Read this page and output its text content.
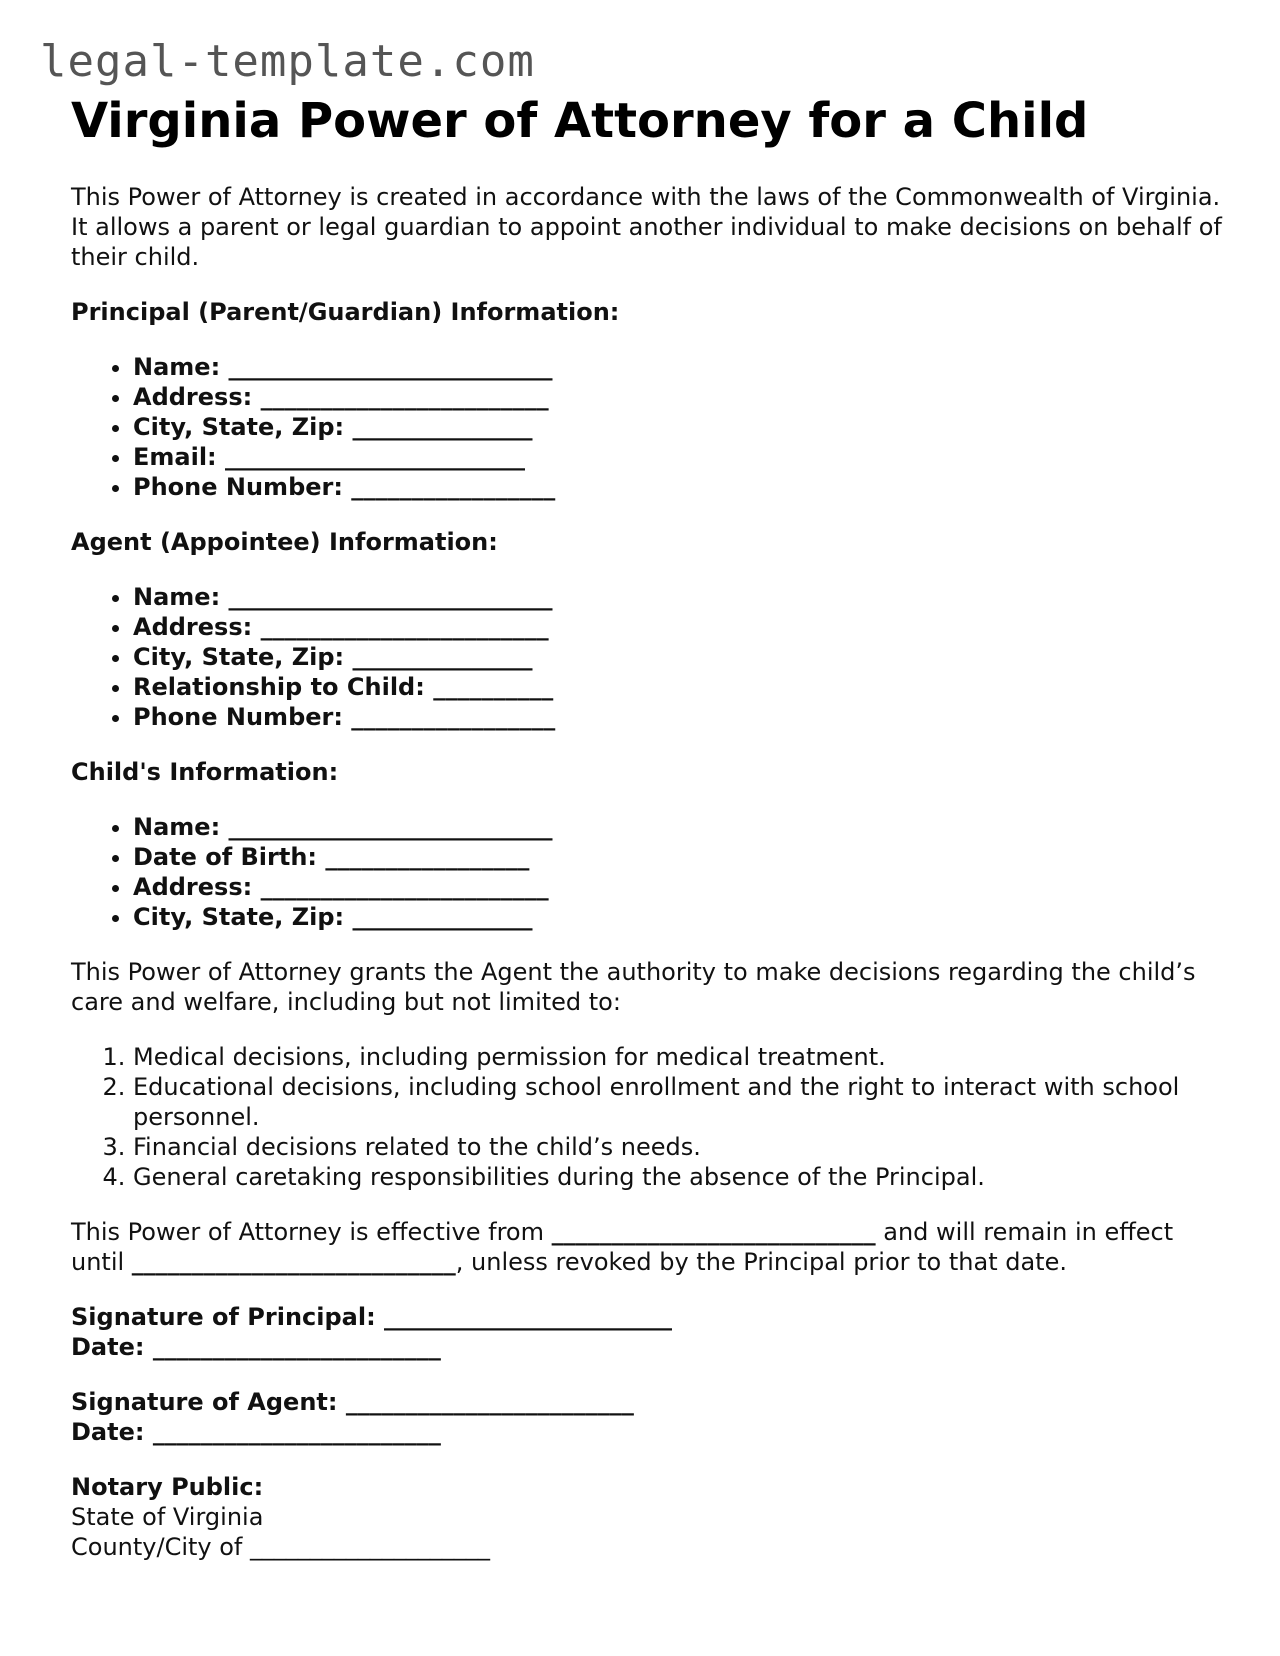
legal-template.com
Virginia Power of Attorney for a Child

This Power of Attorney is created in accordance with the laws of the Commonwealth of Virginia. It allows a parent or legal guardian to appoint another individual to make decisions on behalf of their child.

Principal (Parent/Guardian) Information:

• Name: ___________________________
• Address: ________________________
• City, State, Zip: _______________
• Email: _________________________
• Phone Number: _________________

Agent (Appointee) Information:

• Name: ___________________________
• Address: ________________________
• City, State, Zip: _______________
• Relationship to Child: __________
• Phone Number: _________________

Child's Information:

• Name: ___________________________
• Date of Birth: _________________
• Address: ________________________
• City, State, Zip: _______________

This Power of Attorney grants the Agent the authority to make decisions regarding the child’s care and welfare, including but not limited to:

1. Medical decisions, including permission for medical treatment.
2. Educational decisions, including school enrollment and the right to interact with school personnel.
3. Financial decisions related to the child’s needs.
4. General caretaking responsibilities during the absence of the Principal.

This Power of Attorney is effective from ___________________________ and will remain in effect until ___________________________, unless revoked by the Principal prior to that date.

Signature of Principal: ________________________
Date: ________________________

Signature of Agent: ________________________
Date: ________________________

Notary Public:
State of Virginia
County/City of ____________________
